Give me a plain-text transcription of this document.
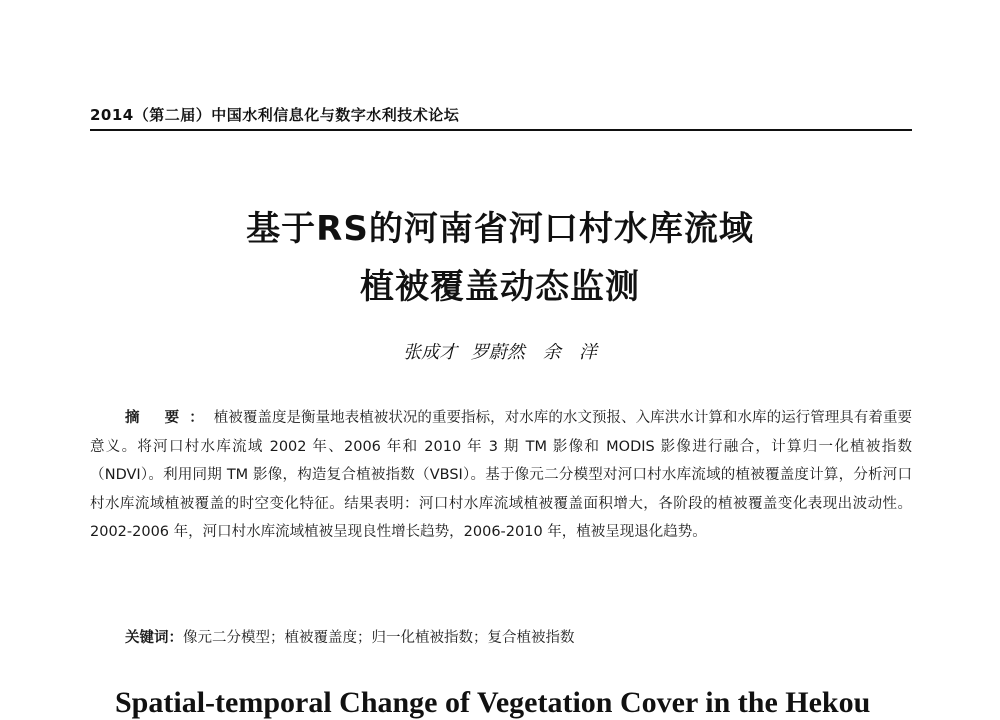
2014（第二届）中国水利信息化与数字水利技术论坛
基于RS的河南省河口村水库流域
植被覆盖动态监测
张成才 罗蔚然　余　洋
摘 要：植被覆盖度是衡量地表植被状况的重要指标，对水库的水文预报、入库洪水计算和水库的运行管理具有着重要意义。将河口村水库流域 2002 年、2006 年和 2010 年 3 期 TM 影像和 MODIS 影像进行融合，计算归一化植被指数（NDVI）。利用同期 TM 影像，构造复合植被指数（VBSI）。基于像元二分模型对河口村水库流域的植被覆盖度计算，分析河口村水库流域植被覆盖的时空变化特征。结果表明：河口村水库流域植被覆盖面积增大，各阶段的植被覆盖变化表现出波动性。2002-2006 年，河口村水库流域植被呈现良性增长趋势，2006-2010 年，植被呈现退化趋势。
关键词：像元二分模型；植被覆盖度；归一化植被指数；复合植被指数
Spatial-temporal Change of Vegetation Cover in the Hekou
